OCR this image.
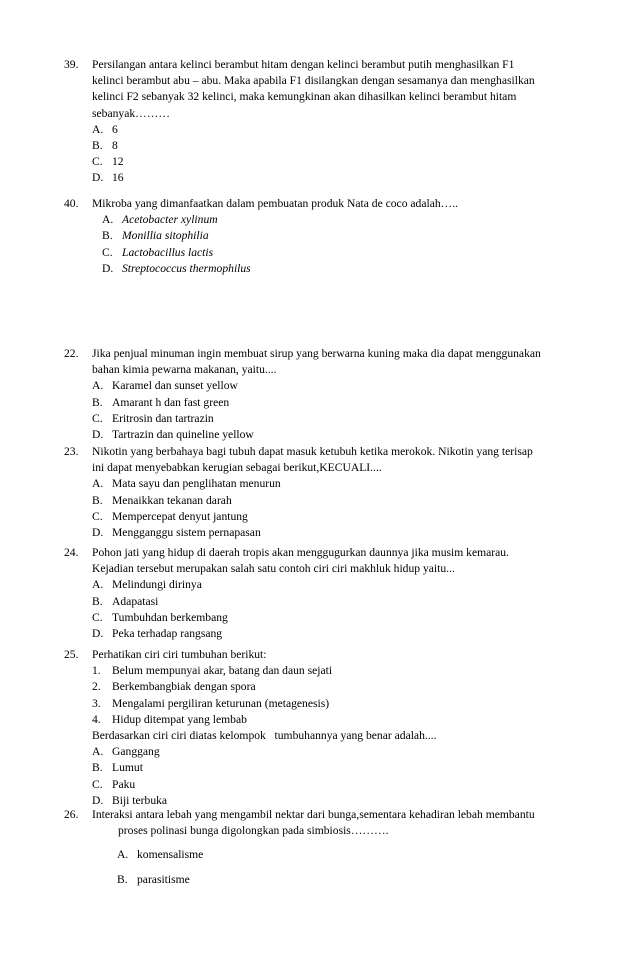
39. Persilangan antara kelinci berambut hitam dengan kelinci berambut putih menghasilkan F1
kelinci berambut abu – abu. Maka apabila F1 disilangkan dengan sesamanya dan menghasilkan
kelinci F2 sebanyak 32 kelinci, maka kemungkinan akan dihasilkan kelinci berambut hitam
sebanyak………
A. 6
B. 8
C. 12
D. 16
40. Mikroba yang dimanfaatkan dalam pembuatan produk Nata de coco adalah…..
A. Acetobacter xylinum
B. Monillia sitophilia
C. Lactobacillus lactis
D. Streptococcus thermophilus
22. Jika penjual minuman ingin membuat sirup yang berwarna kuning maka dia dapat menggunakan
bahan kimia pewarna makanan, yaitu....
A. Karamel dan sunset yellow
B. Amarant h dan fast green
C. Eritrosin dan tartrazin
D. Tartrazin dan quineline yellow
23. Nikotin yang berbahaya bagi tubuh dapat masuk ketubuh ketika merokok. Nikotin yang terisap
ini dapat menyebabkan kerugian sebagai berikut,KECUALI....
A. Mata sayu dan penglihatan menurun
B. Menaikkan tekanan darah
C. Mempercepat denyut jantung
D. Mengganggu sistem pernapasan
24. Pohon jati yang hidup di daerah tropis akan menggugurkan daunnya jika musim kemarau.
Kejadian tersebut merupakan salah satu contoh ciri ciri makhluk hidup yaitu...
A. Melindungi dirinya
B. Adapatasi
C. Tumbuhdan berkembang
D. Peka terhadap rangsang
25. Perhatikan ciri ciri tumbuhan berikut:
1. Belum mempunyai akar, batang dan daun sejati
2. Berkembangbiak dengan spora
3. Mengalami pergiliran keturunan (metagenesis)
4. Hidup ditempat yang lembab
Berdasarkan ciri ciri diatas kelompok   tumbuhannya yang benar adalah....
A. Ganggang
B. Lumut
C. Paku
D. Biji terbuka
26. Interaksi antara lebah yang mengambil nektar dari bunga,sementara kehadiran lebah membantu
proses polinasi bunga digolongkan pada simbiosis……….
A. komensalisme
B. parasitisme
